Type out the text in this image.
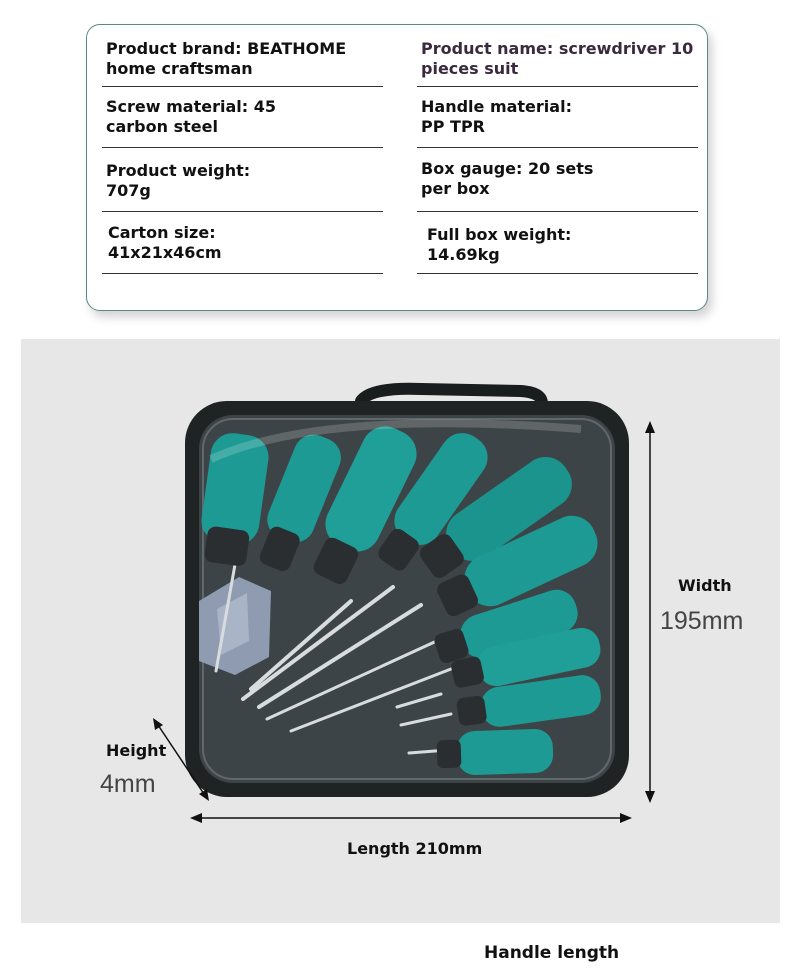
Product brand: BEATHOME
home craftsman
Product name: screwdriver 10
pieces suit
Screw material: 45
carbon steel
Handle material:
PP TPR
Product weight:
707g
Box gauge: 20 sets
per box
Carton size:
41x21x46cm
Full box weight:
14.69kg
Width
195mm
Height
4mm
Length 210mm
Handle length
